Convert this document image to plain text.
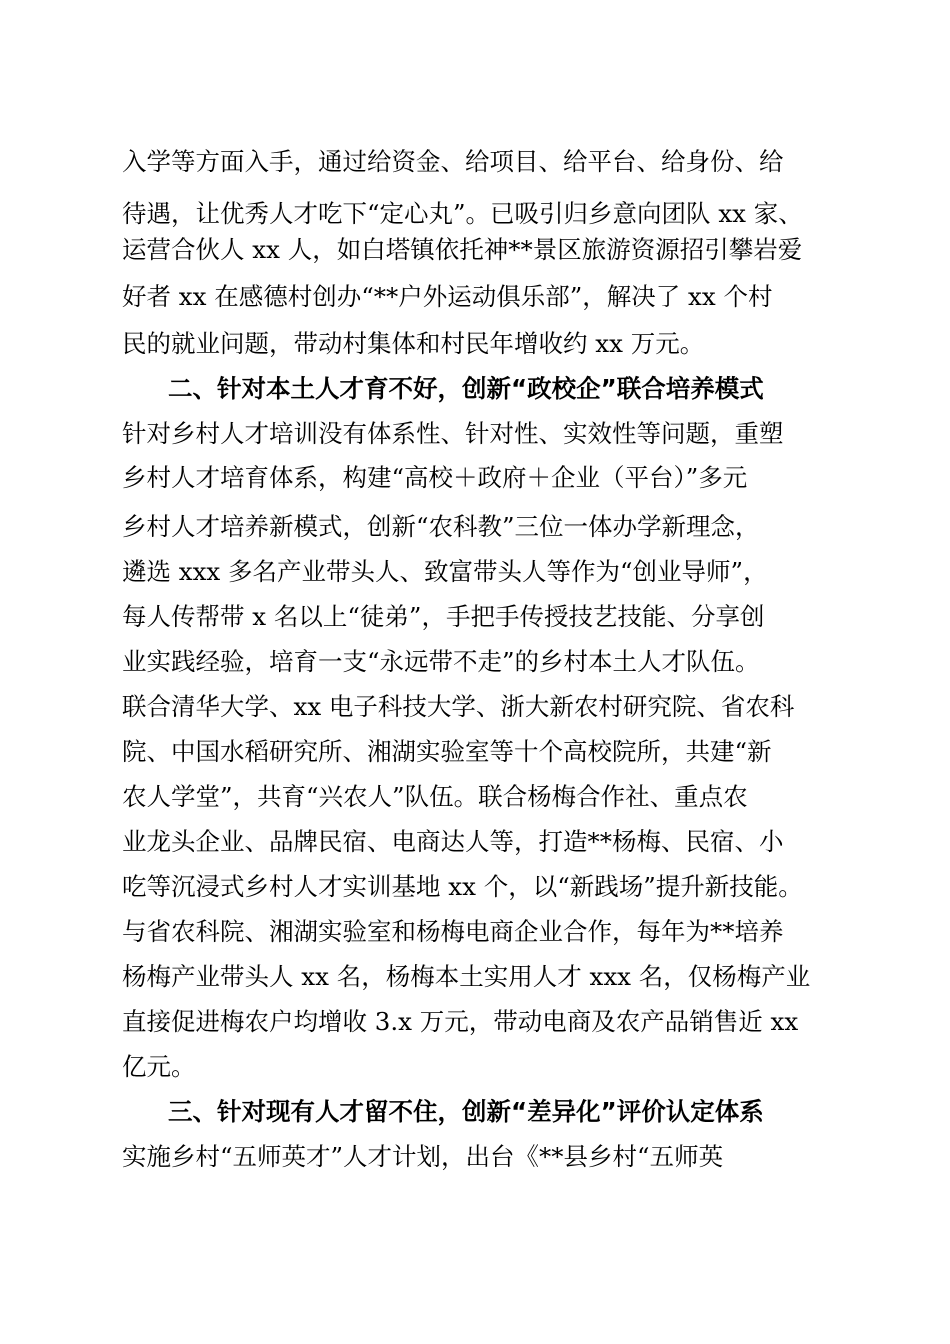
入学等方面入手，通过给资金、给项目、给平台、给身份、给
待遇，让优秀人才吃下“定心丸”。已吸引归乡意向团队 xx 家、
运营合伙人 xx 人，如白塔镇依托神**景区旅游资源招引攀岩爱
好者 xx 在感德村创办“**户外运动俱乐部”，解决了 xx 个村
民的就业问题，带动村集体和村民年增收约 xx 万元。
二、针对本土人才育不好，创新“政校企”联合培养模式
针对乡村人才培训没有体系性、针对性、实效性等问题，重塑
乡村人才培育体系，构建“高校＋政府＋企业（平台）”多元
乡村人才培养新模式，创新“农科教”三位一体办学新理念，
遴选 xxx 多名产业带头人、致富带头人等作为“创业导师”，
每人传帮带 x 名以上“徒弟”，手把手传授技艺技能、分享创
业实践经验，培育一支“永远带不走”的乡村本土人才队伍。
联合清华大学、xx 电子科技大学、浙大新农村研究院、省农科
院、中国水稻研究所、湘湖实验室等十个高校院所，共建“新
农人学堂”，共育“兴农人”队伍。联合杨梅合作社、重点农
业龙头企业、品牌民宿、电商达人等，打造**杨梅、民宿、小
吃等沉浸式乡村人才实训基地 xx 个，以“新践场”提升新技能。
与省农科院、湘湖实验室和杨梅电商企业合作，每年为**培养
杨梅产业带头人 xx 名，杨梅本土实用人才 xxx 名，仅杨梅产业
直接促进梅农户均增收 3.x 万元，带动电商及农产品销售近 xx
亿元。
三、针对现有人才留不住，创新“差异化”评价认定体系
实施乡村“五师英才”人才计划，出台《**县乡村“五师英
